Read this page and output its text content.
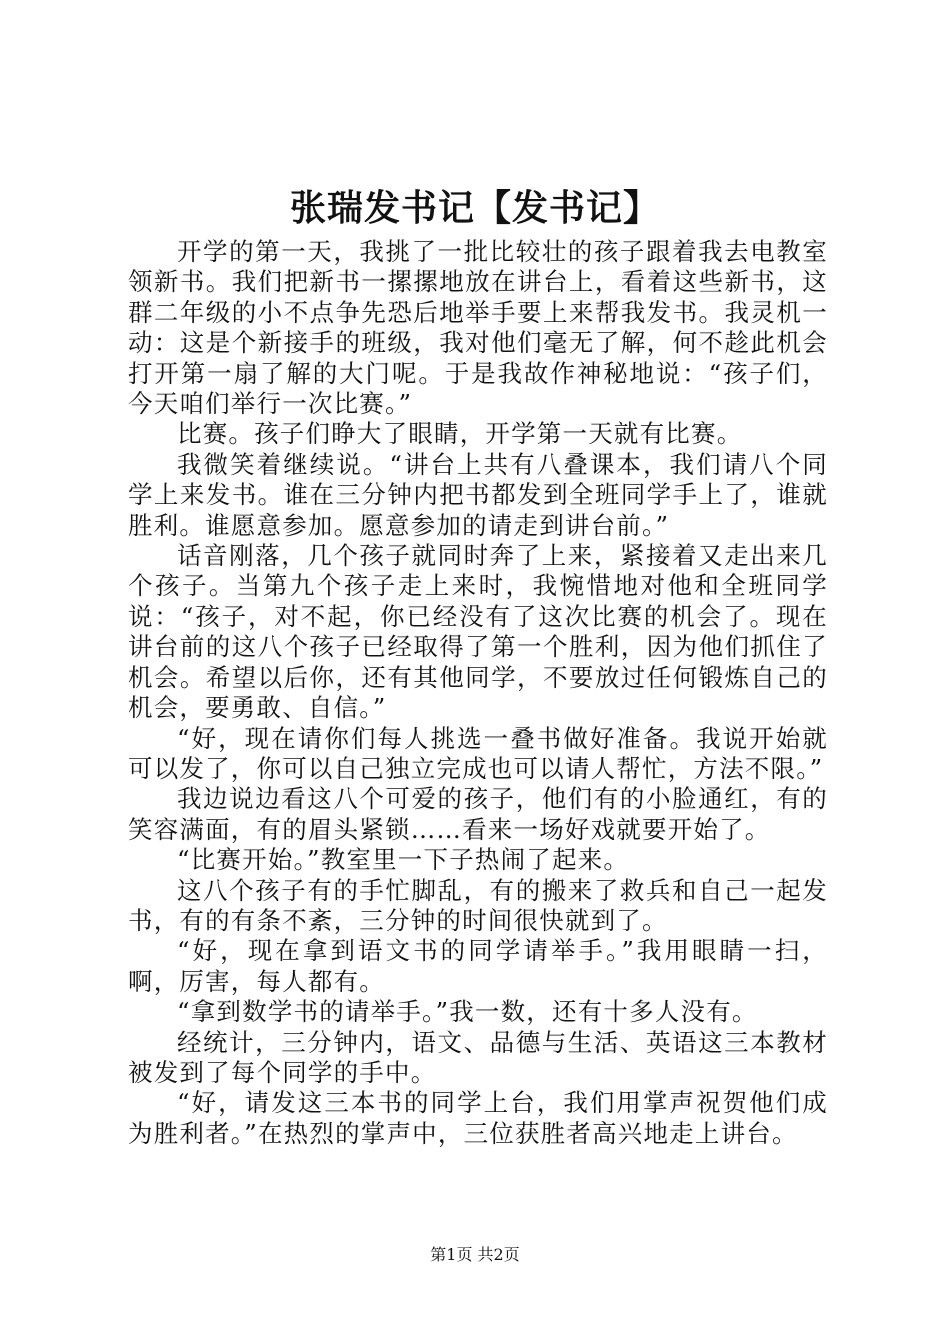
张瑞发书记【发书记】

开学的第一天，我挑了一批比较壮的孩子跟着我去电教室领新书。我们把新书一摞摞地放在讲台上，看着这些新书，这群二年级的小不点争先恐后地举手要上来帮我发书。我灵机一动：这是个新接手的班级，我对他们毫无了解，何不趁此机会打开第一扇了解的大门呢。于是我故作神秘地说：“孩子们，今天咱们举行一次比赛。”

比赛。孩子们睁大了眼睛，开学第一天就有比赛。

我微笑着继续说。“讲台上共有八叠课本，我们请八个同学上来发书。谁在三分钟内把书都发到全班同学手上了，谁就胜利。谁愿意参加。愿意参加的请走到讲台前。”

话音刚落，几个孩子就同时奔了上来，紧接着又走出来几个孩子。当第九个孩子走上来时，我惋惜地对他和全班同学说：“孩子，对不起，你已经没有了这次比赛的机会了。现在讲台前的这八个孩子已经取得了第一个胜利，因为他们抓住了机会。希望以后你，还有其他同学，不要放过任何锻炼自己的机会，要勇敢、自信。”

“好，现在请你们每人挑选一叠书做好准备。我说开始就可以发了，你可以自己独立完成也可以请人帮忙，方法不限。”

我边说边看这八个可爱的孩子，他们有的小脸通红，有的笑容满面，有的眉头紧锁……看来一场好戏就要开始了。

“比赛开始。”教室里一下子热闹了起来。

这八个孩子有的手忙脚乱，有的搬来了救兵和自己一起发书，有的有条不紊，三分钟的时间很快就到了。

“好，现在拿到语文书的同学请举手。”我用眼睛一扫，啊，厉害，每人都有。

“拿到数学书的请举手。”我一数，还有十多人没有。

经统计，三分钟内，语文、品德与生活、英语这三本教材被发到了每个同学的手中。

“好，请发这三本书的同学上台，我们用掌声祝贺他们成为胜利者。”在热烈的掌声中，三位获胜者高兴地走上讲台。

第1页 共2页
